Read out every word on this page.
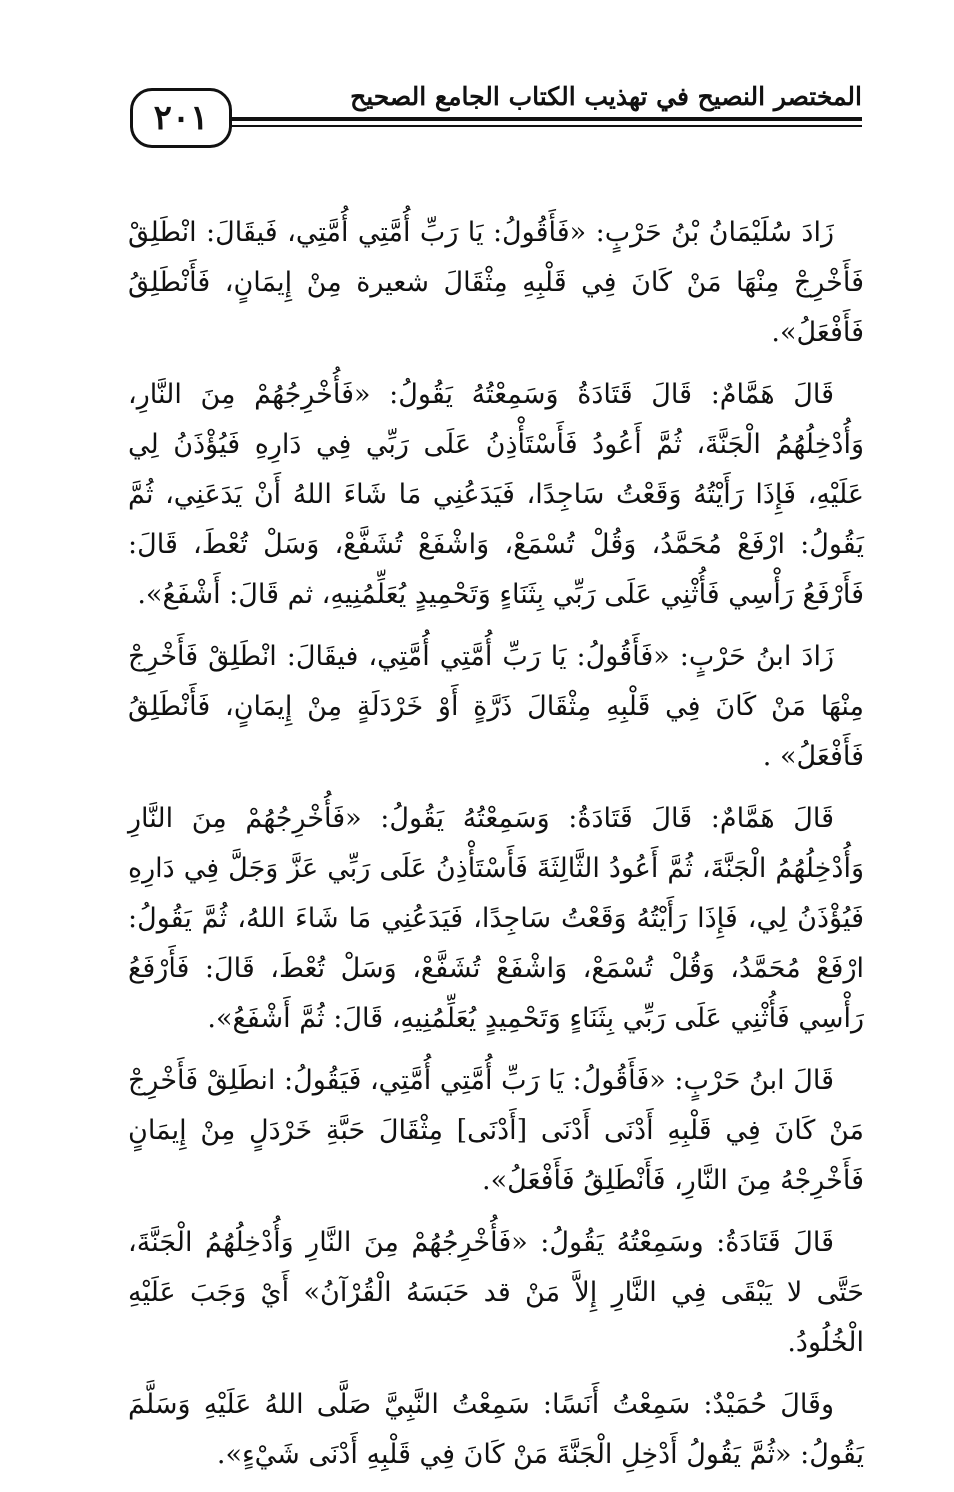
٢٠١
المختصر النصيح في تهذيب الكتاب الجامع الصحيح

زَادَ سُلَيْمَانُ بْنُ حَرْبٍ: «فَأَقُولُ: يَا رَبِّ أُمَّتِي أُمَّتِي، فَيقَالَ: انْطَلِقْ فَأَخْرِجْ مِنْهَا مَنْ كَانَ فِي قَلْبِهِ مِثْقَالَ شعيرة مِنْ إِيمَانٍ، فَأَنْطَلِقُ فَأَفْعَلُ».

قَالَ هَمَّامٌ: قَالَ قَتَادَةُ وَسَمِعْتُهُ يَقُولُ: «فَأُخْرِجُهُمْ مِنَ النَّارِ، وَأُدْخِلُهُمُ الْجَنَّةَ، ثُمَّ أَعُودُ فَأَسْتَأْذِنُ عَلَى رَبِّي فِي دَارِهِ فَيُؤْذَنُ لِي عَلَيْهِ، فَإِذَا رَأَيْتُهُ وَقَعْتُ سَاجِدًا، فَيَدَعُنِي مَا شَاءَ اللهُ أَنْ يَدَعَنِي، ثُمَّ يَقُولُ: ارْفَعْ مُحَمَّدُ، وَقُلْ تُسْمَعْ، وَاشْفَعْ تُشَفَّعْ، وَسَلْ تُعْطَ، قَالَ: فَأَرْفَعُ رَأْسِي فَأُثْنِي عَلَى رَبِّي بِثَنَاءٍ وَتَحْمِيدٍ يُعَلِّمُنِيهِ، ثم قَالَ: أَشْفَعُ».

زَادَ ابنُ حَرْبٍ: «فَأَقُولُ: يَا رَبِّ أُمَّتِي أُمَّتِي، فيقَالَ: انْطَلِقْ فَأَخْرِجْ مِنْهَا مَنْ كَانَ فِي قَلْبِهِ مِثْقَالَ ذَرَّةٍ أَوْ خَرْدَلَةٍ مِنْ إِيمَانٍ، فَأَنْطَلِقُ فَأَفْعَلُ» .

قَالَ هَمَّامٌ: قَالَ قَتَادَةُ: وَسَمِعْتُهُ يَقُولُ: «فَأُخْرِجُهُمْ مِنَ النَّارِ وَأُدْخِلُهُمُ الْجَنَّةَ، ثُمَّ أَعُودُ الثَّالِثَةَ فَأَسْتَأْذِنُ عَلَى رَبِّي عَزَّ وَجَلَّ فِي دَارِهِ فَيُؤْذَنُ لِي، فَإِذَا رَأَيْتُهُ وَقَعْتُ سَاجِدًا، فَيَدَعُنِي مَا شَاءَ اللهُ، ثُمَّ يَقُولُ: ارْفَعْ مُحَمَّدُ، وَقُلْ تُسْمَعْ، وَاشْفَعْ تُشَفَّعْ، وَسَلْ تُعْطَ، قَالَ: فَأَرْفَعُ رَأْسِي فَأُثْنِي عَلَى رَبِّي بِثَنَاءٍ وَتَحْمِيدٍ يُعَلِّمُنِيهِ، قَالَ: ثُمَّ أَشْفَعُ».

قَالَ ابنُ حَرْبٍ: «فَأَقُولُ: يَا رَبِّ أُمَّتِي أُمَّتِي، فَيَقُولُ: انطَلِقْ فَأَخْرِجْ مَنْ كَانَ فِي قَلْبِهِ أَدْنَى أَدْنَى [أَدْنَى] مِثْقَالَ حَبَّةِ خَرْدَلٍ مِنْ إِيمَانٍ فَأَخْرِجْهُ مِنَ النَّارِ، فَأَنْطَلِقُ فَأَفْعَلُ».

قَالَ قَتَادَةُ: وسَمِعْتُهُ يَقُولُ: «فَأُخْرِجُهُمْ مِنَ النَّارِ وَأُدْخِلُهُمُ الْجَنَّةَ، حَتَّى لا يَبْقَى فِي النَّارِ إِلاَّ مَنْ قد حَبَسَهُ الْقُرْآنُ» أَيْ وَجَبَ عَلَيْهِ الْخُلُودُ.

وقَالَ حُمَيْدٌ: سَمِعْتُ أَنَسًا: سَمِعْتُ النَّبِيَّ صَلَّى اللهُ عَلَيْهِ وَسَلَّمَ يَقُولُ: «ثُمَّ يَقُولُ أَدْخِلِ الْجَنَّةَ مَنْ كَانَ فِي قَلْبِهِ أَدْنَى شَيْءٍ».
